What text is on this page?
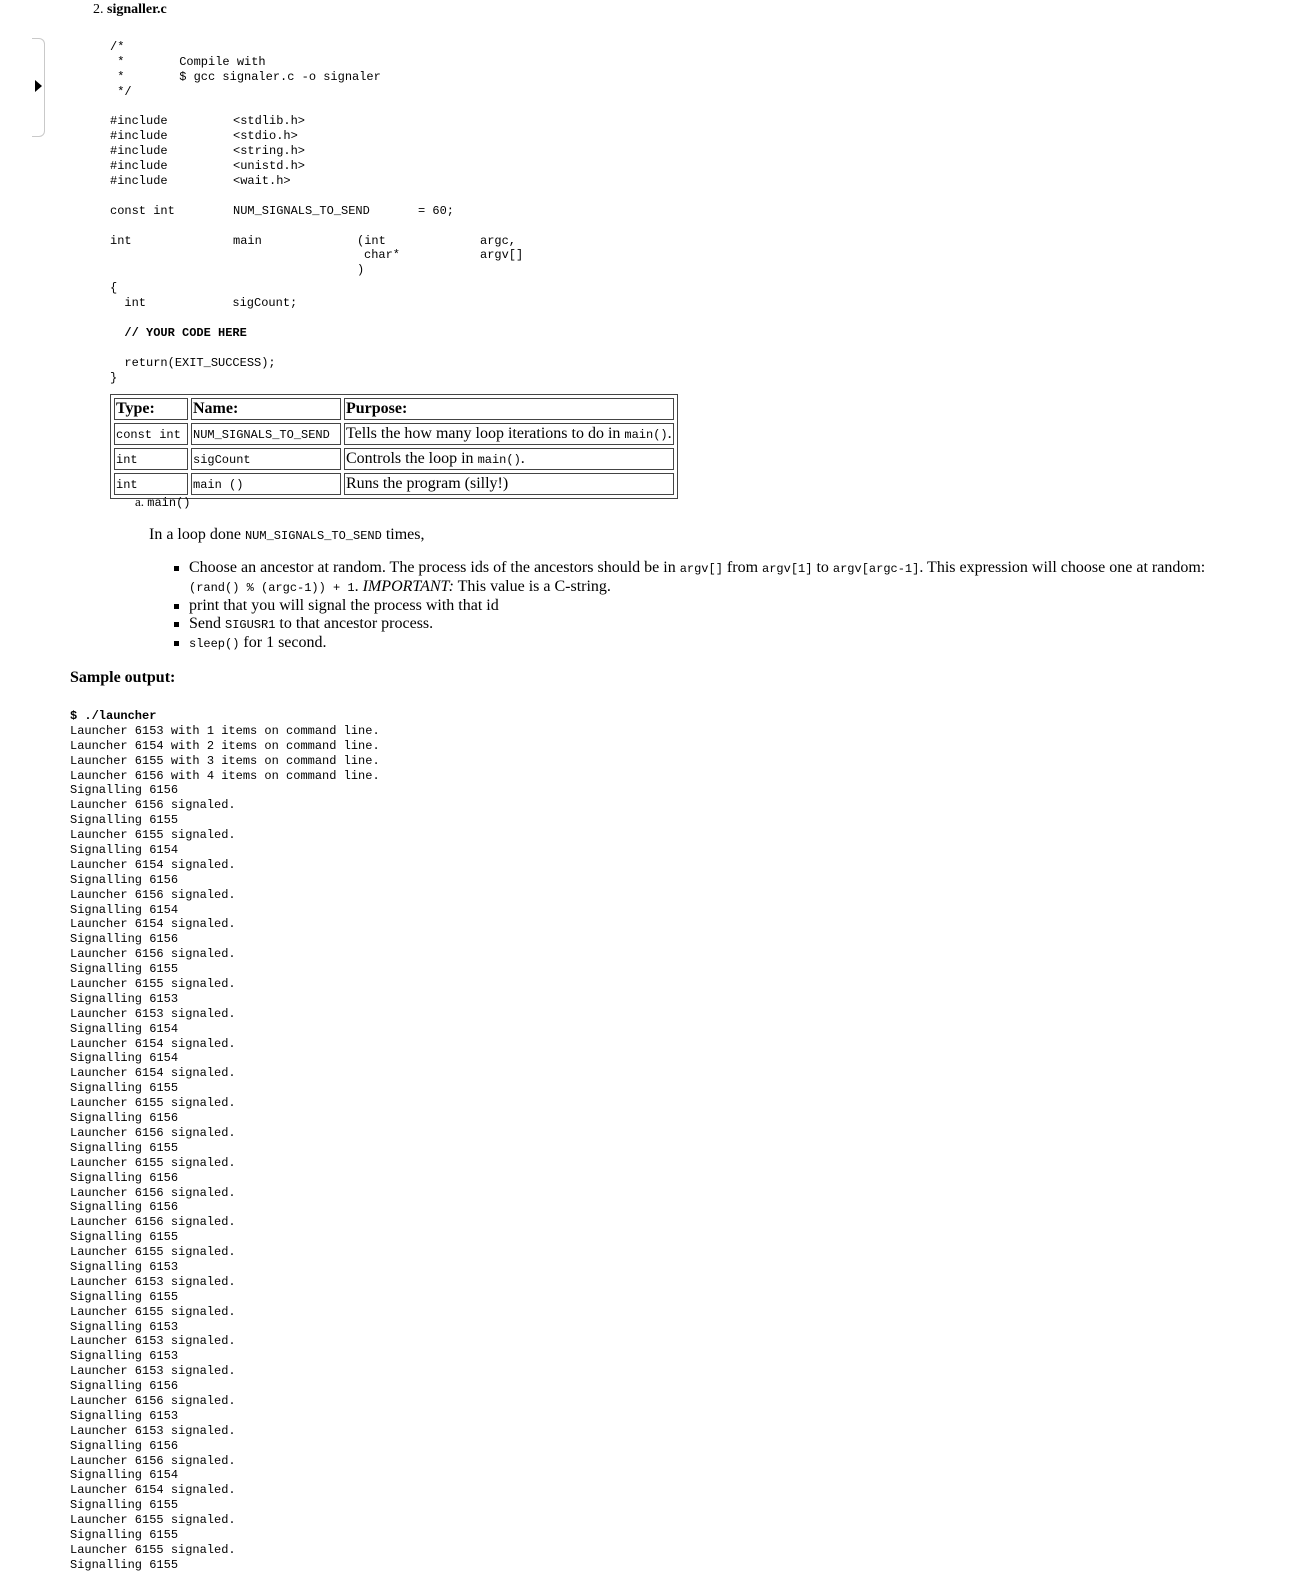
2. signaller.c
/*
*	Compile with
*	$ gcc signaler.c -o signaler
*/
#include	<stdlib.h>
#include	<stdio.h>
#include	<string.h>
#include	<unistd.h>
#include	<wait.h>
const int	NUM_SIGNALS_TO_SEND	= 60;
int	main	(int	argc,
char*	argv[]
)
{
int	sigCount;
// YOUR CODE HERE
return(EXIT_SUCCESS);
}
Type:	Name:	Purpose:
const int	NUM_SIGNALS_TO_SEND	Tells the how many loop iterations to do in main().
int	sigCount	Controls the loop in main().
int	main ()	Runs the program (silly!)
a. main()
In a loop done NUM_SIGNALS_TO_SEND times,
Choose an ancestor at random. The process ids of the ancestors should be in argv[] from argv[1] to argv[argc-1]. This expression will choose one at random: (rand() % (argc-1)) + 1. IMPORTANT: This value is a C-string.
print that you will signal the process with that id
Send SIGUSR1 to that ancestor process.
sleep() for 1 second.
Sample output:
$ ./launcher
Launcher 6153 with 1 items on command line.
Launcher 6154 with 2 items on command line.
Launcher 6155 with 3 items on command line.
Launcher 6156 with 4 items on command line.
Signalling 6156
Launcher 6156 signaled.
Signalling 6155
Launcher 6155 signaled.
Signalling 6154
Launcher 6154 signaled.
Signalling 6156
Launcher 6156 signaled.
Signalling 6154
Launcher 6154 signaled.
Signalling 6156
Launcher 6156 signaled.
Signalling 6155
Launcher 6155 signaled.
Signalling 6153
Launcher 6153 signaled.
Signalling 6154
Launcher 6154 signaled.
Signalling 6154
Launcher 6154 signaled.
Signalling 6155
Launcher 6155 signaled.
Signalling 6156
Launcher 6156 signaled.
Signalling 6155
Launcher 6155 signaled.
Signalling 6156
Launcher 6156 signaled.
Signalling 6156
Launcher 6156 signaled.
Signalling 6155
Launcher 6155 signaled.
Signalling 6153
Launcher 6153 signaled.
Signalling 6155
Launcher 6155 signaled.
Signalling 6153
Launcher 6153 signaled.
Signalling 6153
Launcher 6153 signaled.
Signalling 6156
Launcher 6156 signaled.
Signalling 6153
Launcher 6153 signaled.
Signalling 6156
Launcher 6156 signaled.
Signalling 6154
Launcher 6154 signaled.
Signalling 6155
Launcher 6155 signaled.
Signalling 6155
Launcher 6155 signaled.
Signalling 6155
